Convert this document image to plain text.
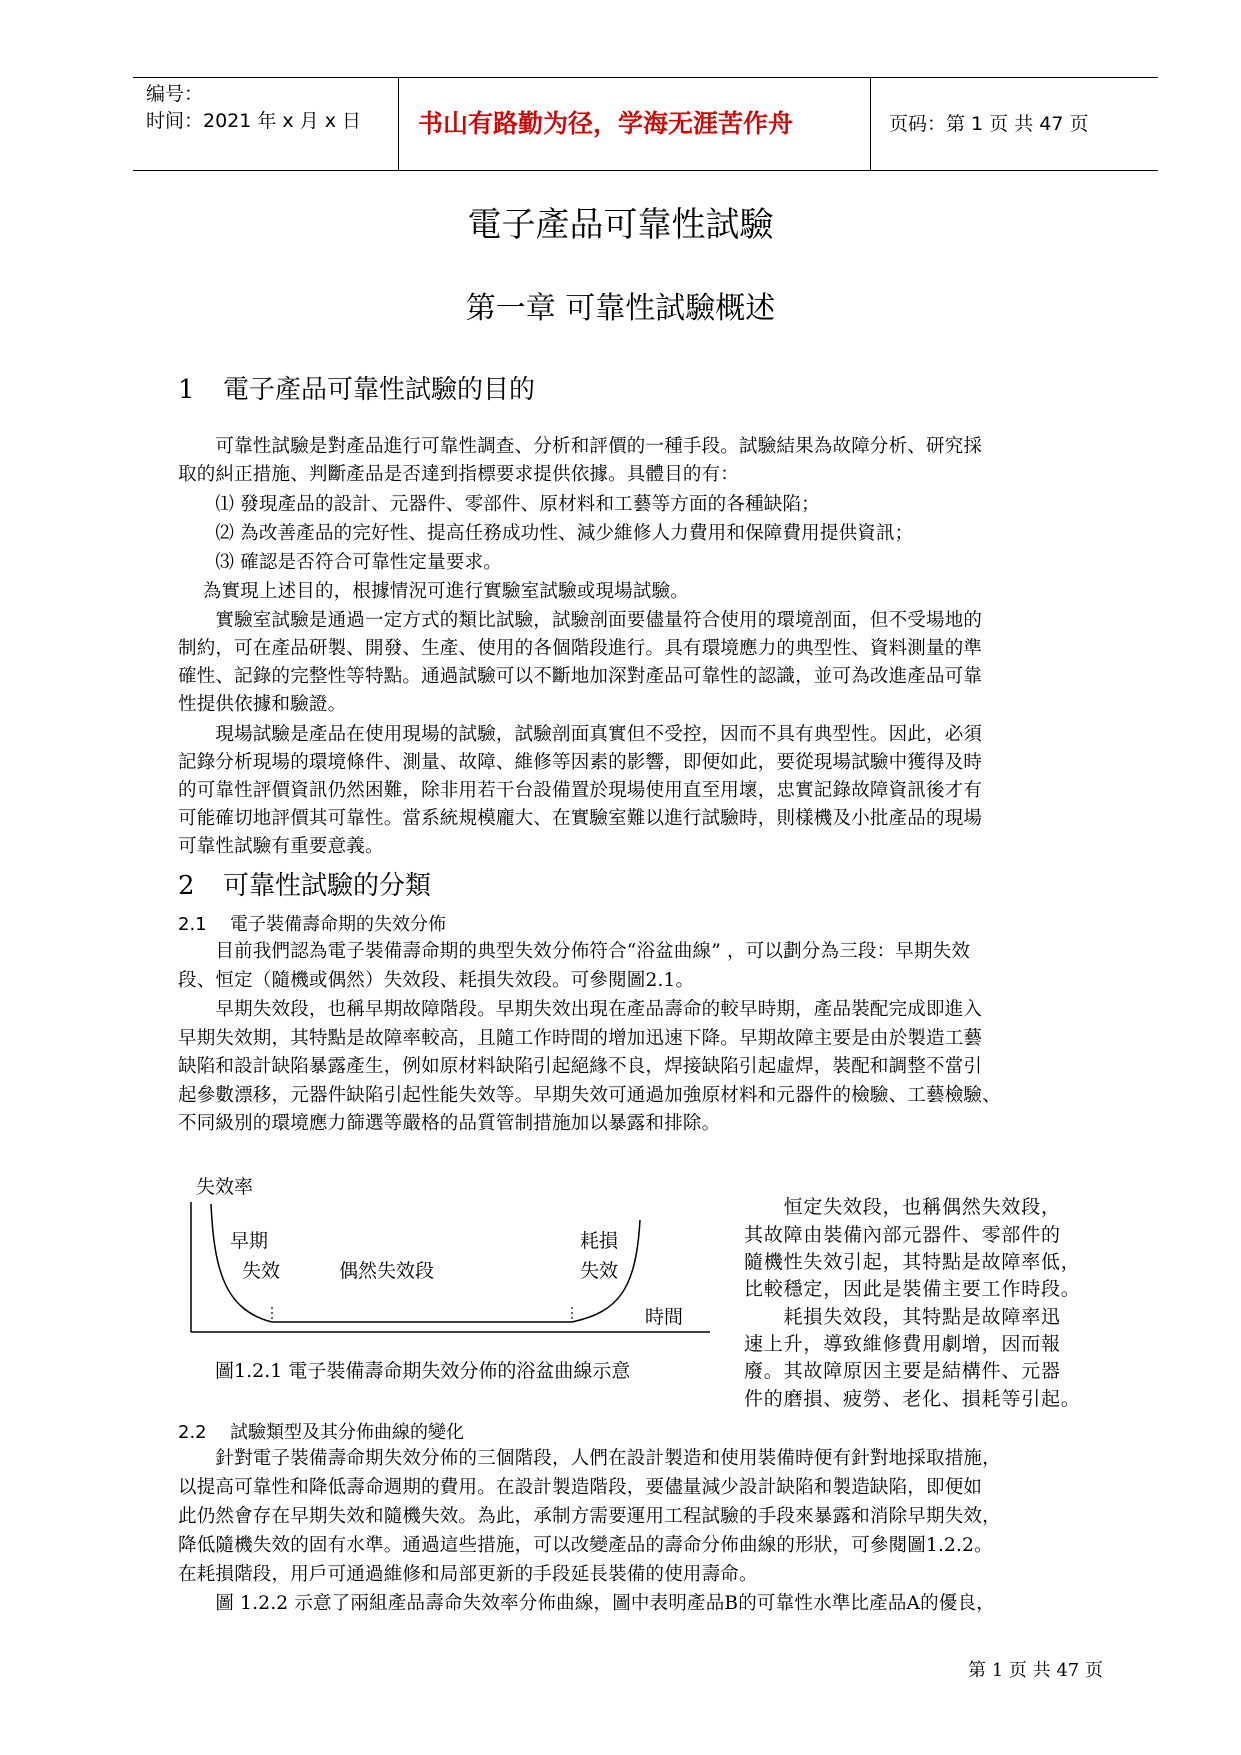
编号：
时间：2021 年 x 月 x 日 书山有路勤为径，学海无涯苦作舟	页码：第 1 页 共 47 页
電子產品可靠性試驗
第一章 可靠性試驗概述
1 電子產品可靠性試驗的目的
　　可靠性試驗是對產品進行可靠性調查、分析和評價的一種手段。試驗結果為故障分析、研究採
取的糾正措施、判斷產品是否達到指標要求提供依據。具體目的有：
　　⑴ 發現產品的設計、元器件、零部件、原材料和工藝等方面的各種缺陷；
　　⑵ 為改善產品的完好性、提高任務成功性、減少維修人力費用和保障費用提供資訊；
　　⑶ 確認是否符合可靠性定量要求。
　 為實現上述目的，根據情況可進行實驗室試驗或現場試驗。
　　實驗室試驗是通過一定方式的類比試驗，試驗剖面要儘量符合使用的環境剖面，但不受場地的
制約，可在產品研製、開發、生產、使用的各個階段進行。具有環境應力的典型性、資料測量的準
確性、記錄的完整性等特點。通過試驗可以不斷地加深對產品可靠性的認識，並可為改進產品可靠
性提供依據和驗證。
　　現場試驗是產品在使用現場的試驗，試驗剖面真實但不受控，因而不具有典型性。因此，必須
記錄分析現場的環境條件、測量、故障、維修等因素的影響，即便如此，要從現場試驗中獲得及時
的可靠性評價資訊仍然困難，除非用若干台設備置於現場使用直至用壞，忠實記錄故障資訊後才有
可能確切地評價其可靠性。當系統規模龐大、在實驗室難以進行試驗時，則樣機及小批產品的現場
可靠性試驗有重要意義。
2 可靠性試驗的分類
2.1 電子裝備壽命期的失效分佈
　　目前我們認為電子裝備壽命期的典型失效分佈符合“浴盆曲線” ，可以劃分為三段：早期失效
段、恒定（隨機或偶然）失效段、耗損失效段。可參閱圖2.1。
　　早期失效段，也稱早期故障階段。早期失效出現在產品壽命的較早時期，產品裝配完成即進入
早期失效期，其特點是故障率較高，且隨工作時間的增加迅速下降。早期故障主要是由於製造工藝
缺陷和設計缺陷暴露產生，例如原材料缺陷引起絕緣不良，焊接缺陷引起虛焊，裝配和調整不當引
起參數漂移，元器件缺陷引起性能失效等。早期失效可通過加強原材料和元器件的檢驗、工藝檢驗、
不同級別的環境應力篩選等嚴格的品質管制措施加以暴露和排除。
失效率
早期
失效	偶然失效段
耗損
失效
時間
圖1.2.1 電子裝備壽命期失效分佈的浴盆曲線示意
　　恒定失效段，也稱偶然失效段，
其故障由裝備內部元器件、零部件的
隨機性失效引起，其特點是故障率低，
比較穩定，因此是裝備主要工作時段。
　　耗損失效段，其特點是故障率迅
速上升，導致維修費用劇增，因而報
廢。其故障原因主要是結構件、元器
件的磨損、疲勞、老化、損耗等引起。
2.2 試驗類型及其分佈曲線的變化
　　針對電子裝備壽命期失效分佈的三個階段，人們在設計製造和使用裝備時便有針對地採取措施，
以提高可靠性和降低壽命週期的費用。在設計製造階段，要儘量減少設計缺陷和製造缺陷，即便如
此仍然會存在早期失效和隨機失效。為此，承制方需要運用工程試驗的手段來暴露和消除早期失效，
降低隨機失效的固有水準。通過這些措施，可以改變產品的壽命分佈曲線的形狀，可參閱圖1.2.2。
在耗損階段，用戶可通過維修和局部更新的手段延長裝備的使用壽命。
　　圖 1.2.2 示意了兩組產品壽命失效率分佈曲線，圖中表明產品B的可靠性水準比產品A的優良，
第 1 页 共 47 页
